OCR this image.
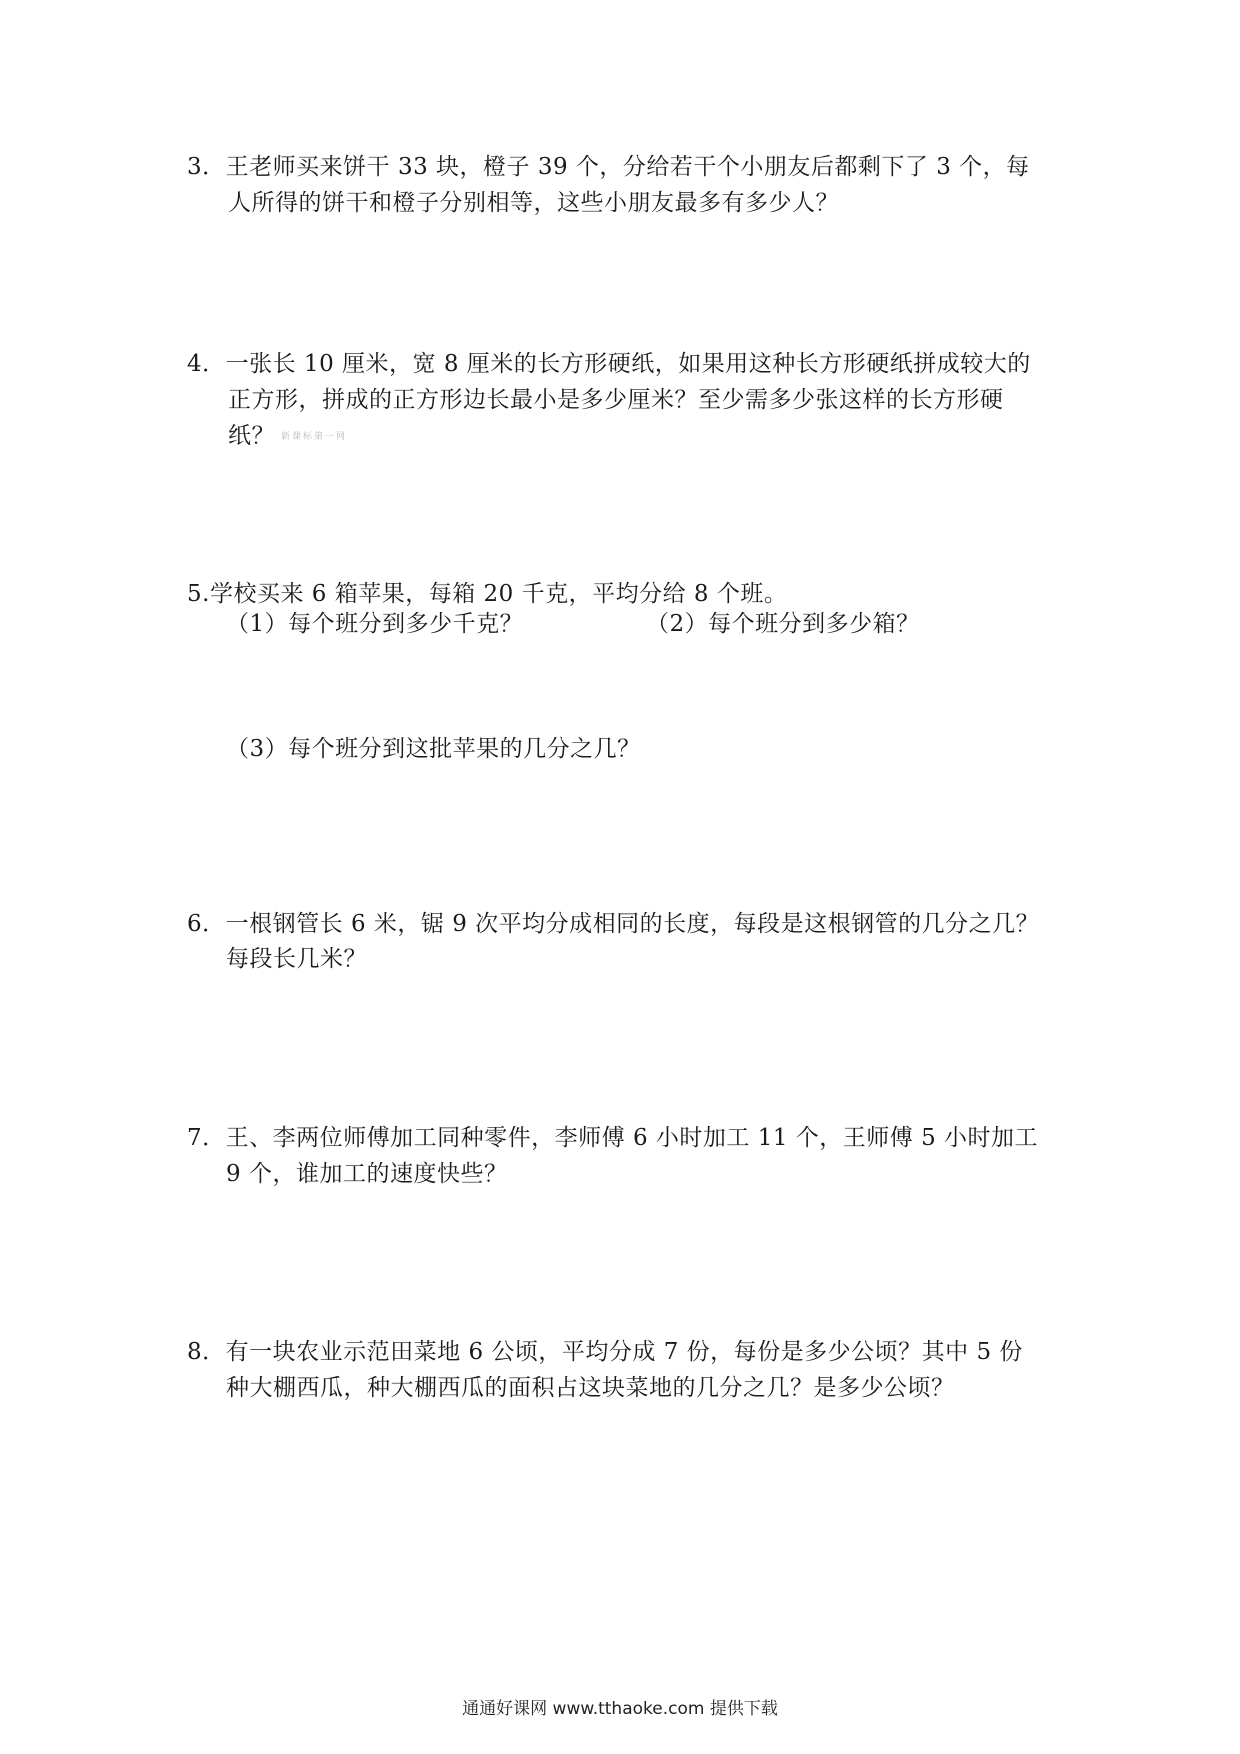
3．王老师买来饼干 33 块，橙子 39 个，分给若干个小朋友后都剩下了 3 个，每
人所得的饼干和橙子分别相等，这些小朋友最多有多少人？
4．一张长 10 厘米，宽 8 厘米的长方形硬纸，如果用这种长方形硬纸拼成较大的
正方形，拼成的正方形边长最小是多少厘米？至少需多少张这样的长方形硬
纸？ 新课标第一网
5.学校买来 6 箱苹果，每箱 20 千克，平均分给 8 个班。
（1）每个班分到多少千克？	（2）每个班分到多少箱？
（3）每个班分到这批苹果的几分之几？
6．一根钢管长 6 米，锯 9 次平均分成相同的长度，每段是这根钢管的几分之几？
每段长几米？
7．王、李两位师傅加工同种零件，李师傅 6 小时加工 11 个，王师傅 5 小时加工
9 个，谁加工的速度快些？
8．有一块农业示范田菜地 6 公顷，平均分成 7 份，每份是多少公顷？其中 5 份
种大棚西瓜，种大棚西瓜的面积占这块菜地的几分之几？是多少公顷？
通通好课网 www.tthaoke.com 提供下载
